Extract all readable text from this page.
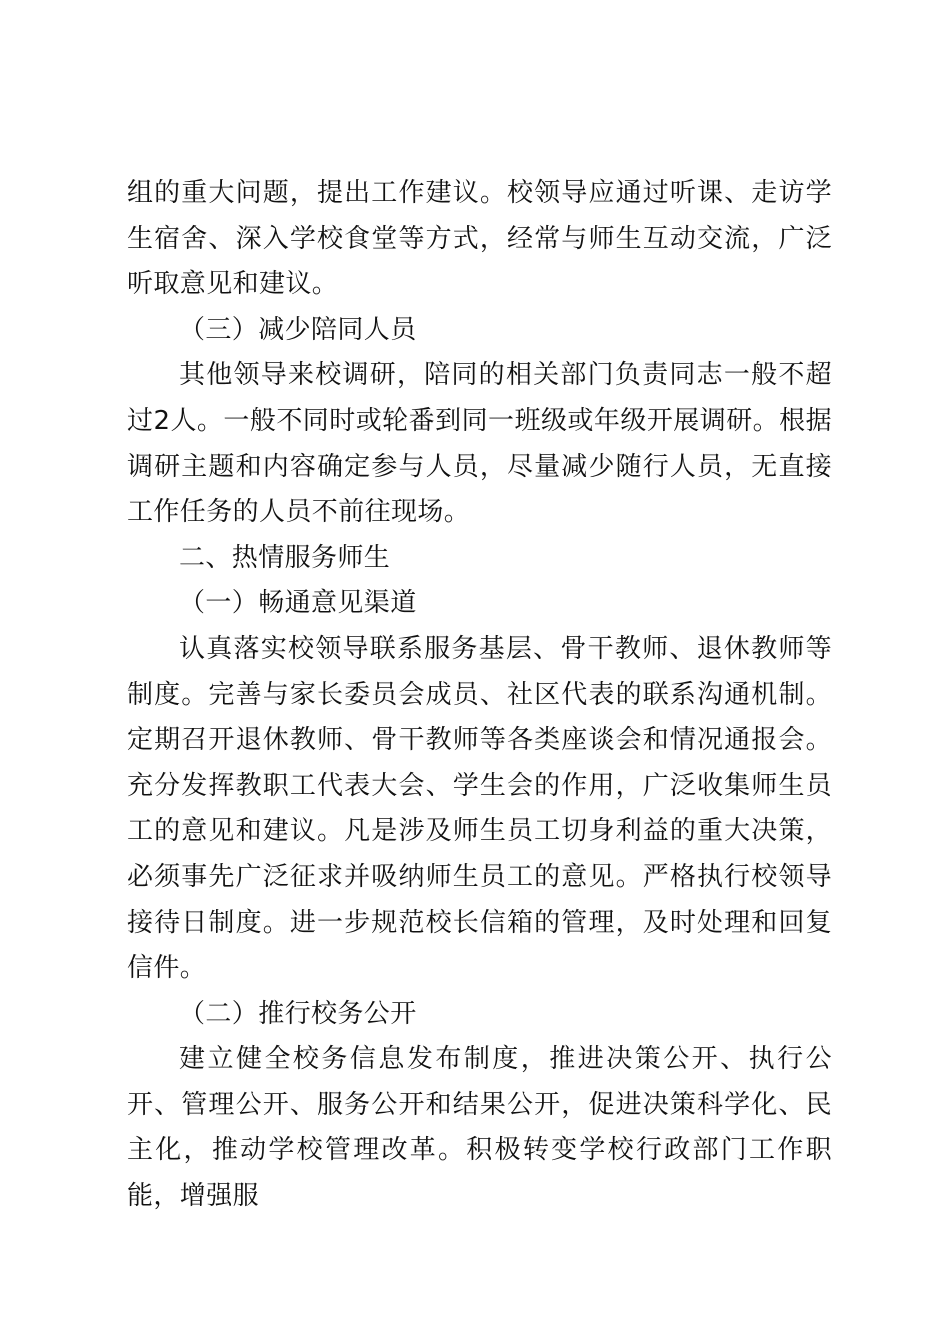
组的重大问题，提出工作建议。校领导应通过听课、走访学生宿舍、深入学校食堂等方式，经常与师生互动交流，广泛听取意见和建议。

（三）减少陪同人员

其他领导来校调研，陪同的相关部门负责同志一般不超过2人。一般不同时或轮番到同一班级或年级开展调研。根据调研主题和内容确定参与人员，尽量减少随行人员，无直接工作任务的人员不前往现场。

二、热情服务师生

（一）畅通意见渠道

认真落实校领导联系服务基层、骨干教师、退休教师等制度。完善与家长委员会成员、社区代表的联系沟通机制。定期召开退休教师、骨干教师等各类座谈会和情况通报会。充分发挥教职工代表大会、学生会的作用，广泛收集师生员工的意见和建议。凡是涉及师生员工切身利益的重大决策，必须事先广泛征求并吸纳师生员工的意见。严格执行校领导接待日制度。进一步规范校长信箱的管理，及时处理和回复信件。

（二）推行校务公开

建立健全校务信息发布制度，推进决策公开、执行公开、管理公开、服务公开和结果公开，促进决策科学化、民主化，推动学校管理改革。积极转变学校行政部门工作职能，增强服
